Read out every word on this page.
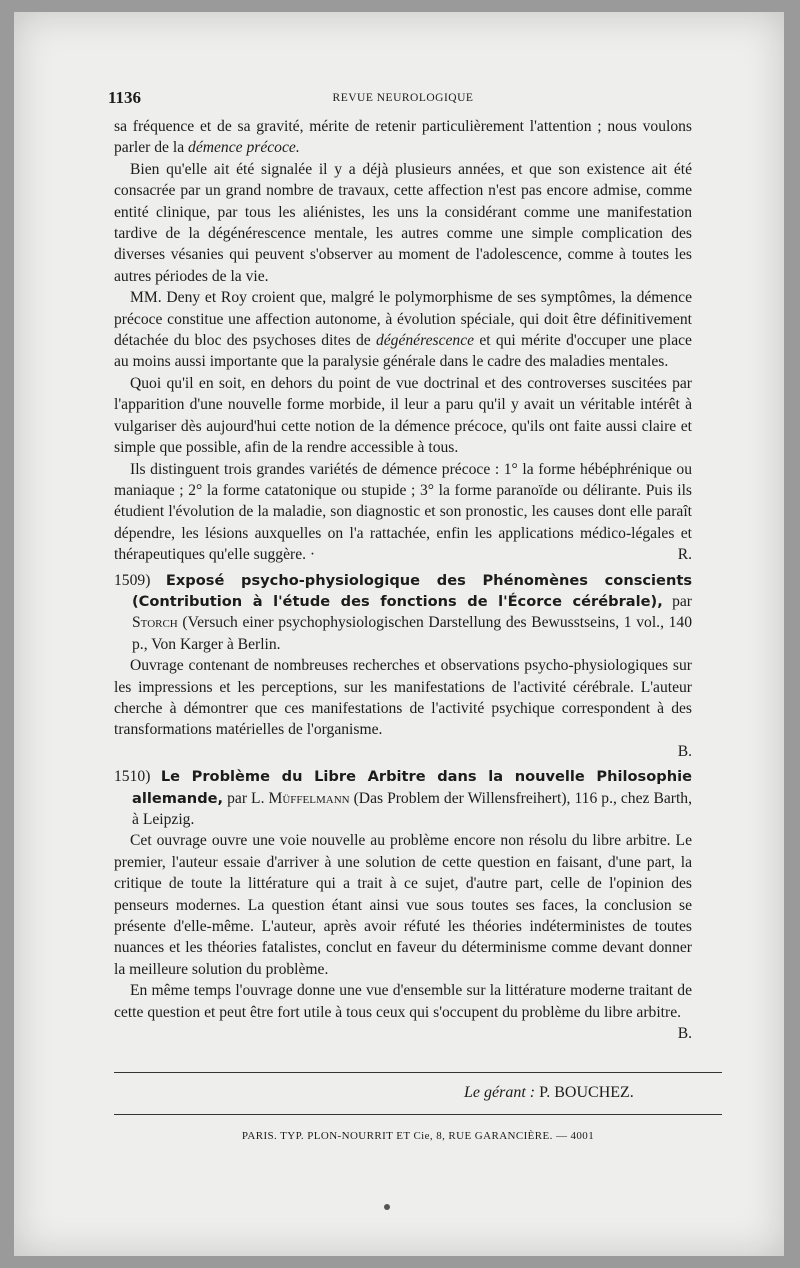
1136	REVUE NEUROLOGIQUE

sa fréquence et de sa gravité, mérite de retenir particulièrement l'attention ; nous voulons parler de la démence précoce.

Bien qu'elle ait été signalée il y a déjà plusieurs années, et que son existence ait été consacrée par un grand nombre de travaux, cette affection n'est pas encore admise, comme entité clinique, par tous les aliénistes, les uns la considérant comme une manifestation tardive de la dégénérescence mentale, les autres comme une simple complication des diverses vésanies qui peuvent s'observer au moment de l'adolescence, comme à toutes les autres périodes de la vie.

MM. Deny et Roy croient que, malgré le polymorphisme de ses symptômes, la démence précoce constitue une affection autonome, à évolution spéciale, qui doit être définitivement détachée du bloc des psychoses dites de dégénérescence et qui mérite d'occuper une place au moins aussi importante que la paralysie générale dans le cadre des maladies mentales.

Quoi qu'il en soit, en dehors du point de vue doctrinal et des controverses suscitées par l'apparition d'une nouvelle forme morbide, il leur a paru qu'il y avait un véritable intérêt à vulgariser dès aujourd'hui cette notion de la démence précoce, qu'ils ont faite aussi claire et simple que possible, afin de la rendre accessible à tous.

Ils distinguent trois grandes variétés de démence précoce : 1° la forme hébéphrénique ou maniaque ; 2° la forme catatonique ou stupide ; 3° la forme paranoïde ou délirante. Puis ils étudient l'évolution de la maladie, son diagnostic et son pronostic, les causes dont elle paraît dépendre, les lésions auxquelles on l'a rattachée, enfin les applications médico-légales et thérapeutiques qu'elle suggère. ·	R.

1509) Exposé psycho-physiologique des Phénomènes conscients (Contribution à l'étude des fonctions de l'Écorce cérébrale), par Storch (Versuch einer psychophysiologischen Darstellung des Bewusstseins, 1 vol., 140 p., Von Karger à Berlin.

Ouvrage contenant de nombreuses recherches et observations psycho-physiologiques sur les impressions et les perceptions, sur les manifestations de l'activité cérébrale. L'auteur cherche à démontrer que ces manifestations de l'activité psychique correspondent à des transformations matérielles de l'organisme.

B.

1510) Le Problème du Libre Arbitre dans la nouvelle Philosophie allemande, par L. Müffelmann (Das Problem der Willensfreihert), 116 p., chez Barth, à Leipzig.

Cet ouvrage ouvre une voie nouvelle au problème encore non résolu du libre arbitre. Le premier, l'auteur essaie d'arriver à une solution de cette question en faisant, d'une part, la critique de toute la littérature qui a trait à ce sujet, d'autre part, celle de l'opinion des penseurs modernes. La question étant ainsi vue sous toutes ses faces, la conclusion se présente d'elle-même. L'auteur, après avoir réfuté les théories indéterministes de toutes nuances et les théories fatalistes, conclut en faveur du déterminisme comme devant donner la meilleure solution du problème.

En même temps l'ouvrage donne une vue d'ensemble sur la littérature moderne traitant de cette question et peut être fort utile à tous ceux qui s'occupent du problème du libre arbitre.
B.

Le gérant : P. BOUCHEZ.
PARIS. TYP. PLON-NOURRIT ET Cie, 8, RUE GARANCIÈRE. — 4001
